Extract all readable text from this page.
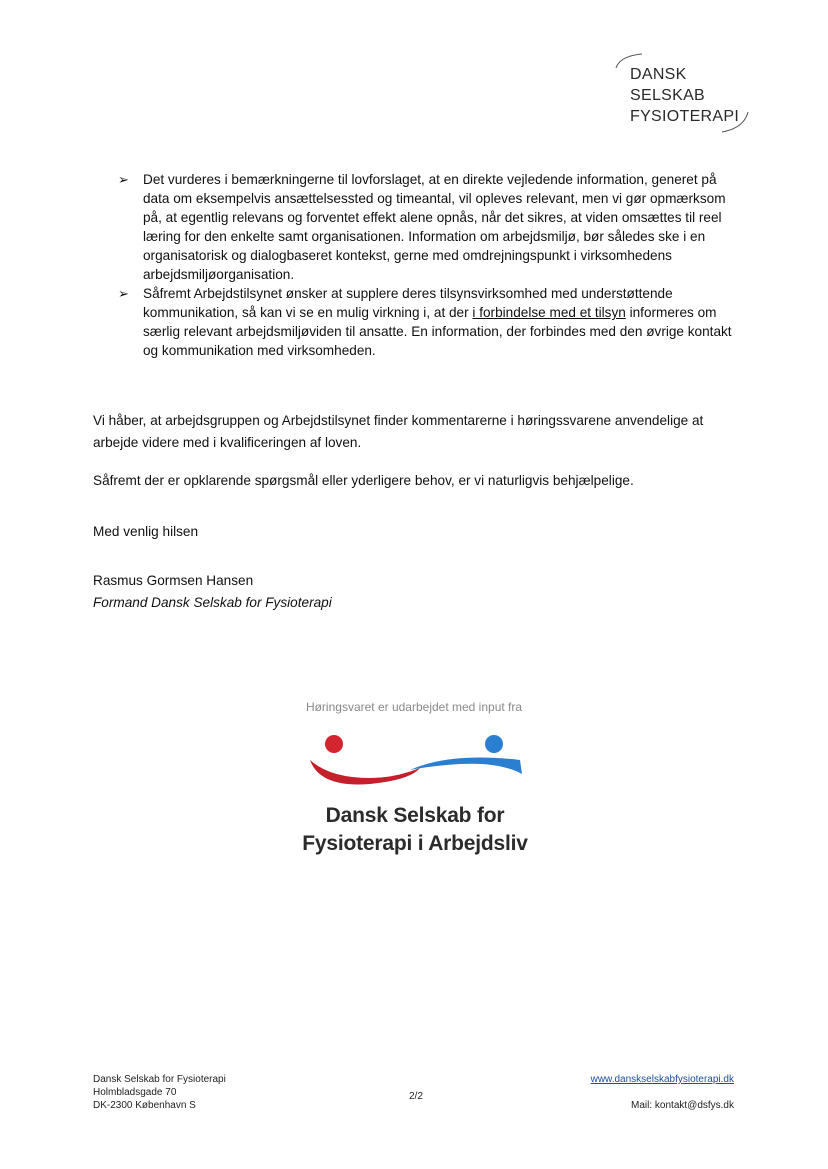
DANSK
SELSKAB
FYSIOTERAPI
➢ Det vurderes i bemærkningerne til lovforslaget, at en direkte vejledende information, generet på data om eksempelvis ansættelsessted og timeantal, vil opleves relevant, men vi gør opmærksom på, at egentlig relevans og forventet effekt alene opnås, når det sikres, at viden omsættes til reel læring for den enkelte samt organisationen. Information om arbejdsmiljø, bør således ske i en organisatorisk og dialogbaseret kontekst, gerne med omdrejningspunkt i virksomhedens arbejdsmiljøorganisation.
➢ Såfremt Arbejdstilsynet ønsker at supplere deres tilsynsvirksomhed med understøttende kommunikation, så kan vi se en mulig virkning i, at der i forbindelse med et tilsyn informeres om særlig relevant arbejdsmiljøviden til ansatte. En information, der forbindes med den øvrige kontakt og kommunikation med virksomheden.
Vi håber, at arbejdsgruppen og Arbejdstilsynet finder kommentarerne i høringssvarene anvendelige at arbejde videre med i kvalificeringen af loven.
Såfremt der er opklarende spørgsmål eller yderligere behov, er vi naturligvis behjælpelige.
Med venlig hilsen
Rasmus Gormsen Hansen
Formand Dansk Selskab for Fysioterapi
Høringsvaret er udarbejdet med input fra
Dansk Selskab for
Fysioterapi i Arbejdsliv
Dansk Selskab for Fysioterapi
Holmbladsgade 70
DK-2300 København S
2/2
www.danskselskabfysioterapi.dk
Mail: kontakt@dsfys.dk
